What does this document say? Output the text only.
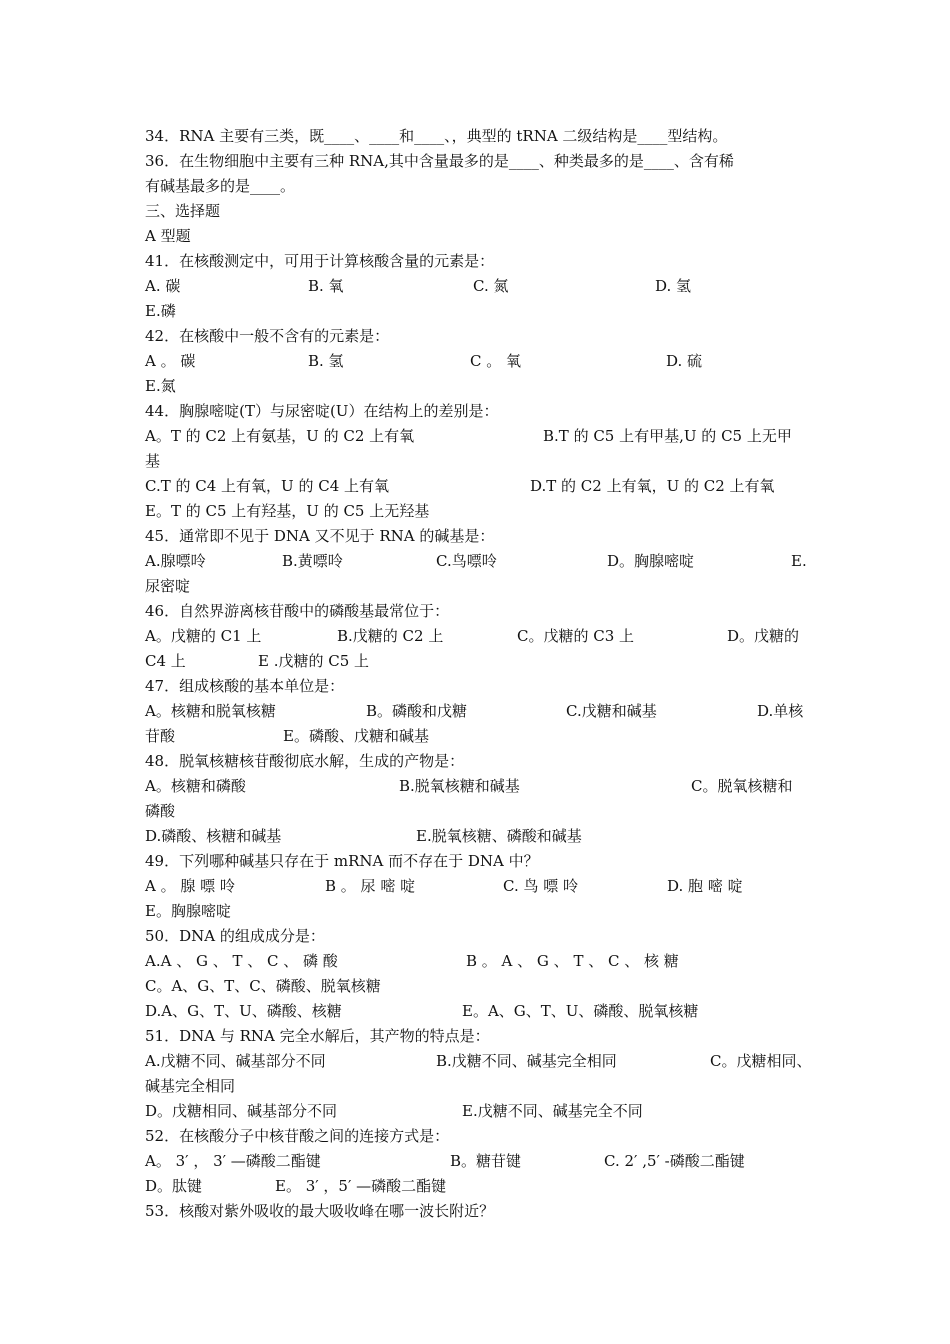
34．RNA 主要有三类，既____、____和____、，典型的 tRNA 二级结构是____型结构。
36．在生物细胞中主要有三种 RNA,其中含量最多的是____、种类最多的是____、含有稀
有碱基最多的是____。
三、选择题
A 型题
41．在核酸测定中，可用于计算核酸含量的元素是：
A. 碳	B. 氧	C. 氮	D. 氢
E.磷
42．在核酸中一般不含有的元素是：
A 。 碳	B. 氢	C 。 氧	D. 硫
E.氮
44．胸腺嘧啶(T）与尿密啶(U）在结构上的差别是：
A。T 的 C2 上有氨基，U 的 C2 上有氧	B.T 的 C5 上有甲基,U 的 C5 上无甲
基
C.T 的 C4 上有氧，U 的 C4 上有氧	D.T 的 C2 上有氧，U 的 C2 上有氧
E。T 的 C5 上有羟基，U 的 C5 上无羟基
45．通常即不见于 DNA 又不见于 RNA 的碱基是：
A.腺嘌呤	B.黄嘌呤	C.鸟嘌呤	D。胸腺嘧啶	E.
尿密啶
46．自然界游离核苷酸中的磷酸基最常位于：
A。戊糖的 C1 上	B.戊糖的 C2 上	C。戊糖的 C3 上	D。戊糖的
C4 上	E .戊糖的 C5 上
47．组成核酸的基本单位是：
A。核糖和脱氧核糖	B。磷酸和戊糖	C.戊糖和碱基	D.单核
苷酸	E。磷酸、戊糖和碱基
48．脱氧核糖核苷酸彻底水解，生成的产物是：
A。核糖和磷酸	B.脱氧核糖和碱基	C。脱氧核糖和
磷酸
D.磷酸、核糖和碱基	E.脱氧核糖、磷酸和碱基
49．下列哪种碱基只存在于 mRNA 而不存在于 DNA 中？
A 。 腺 嘌 呤	B 。 尿 嘧 啶	C. 鸟 嘌 呤	D. 胞 嘧 啶
E。胸腺嘧啶
50．DNA 的组成成分是：
A.A 、 G 、 T 、 C 、 磷 酸	B 。 A 、 G 、 T 、 C 、 核 糖
C。A、G、T、C、磷酸、脱氧核糖
D.A、G、T、U、磷酸、核糖	E。A、G、T、U、磷酸、脱氧核糖
51．DNA 与 RNA 完全水解后，其产物的特点是：
A.戊糖不同、碱基部分不同	B.戊糖不同、碱基完全相同	C。戊糖相同、
碱基完全相同
D。戊糖相同、碱基部分不同	E.戊糖不同、碱基完全不同
52．在核酸分子中核苷酸之间的连接方式是：
A。 3′ ， 3′ —磷酸二酯键	B。糖苷键	C. 2′ ,5′ -磷酸二酯键
D。肽键	E。 3′ ，5′ —磷酸二酯键
53．核酸对紫外吸收的最大吸收峰在哪一波长附近？
